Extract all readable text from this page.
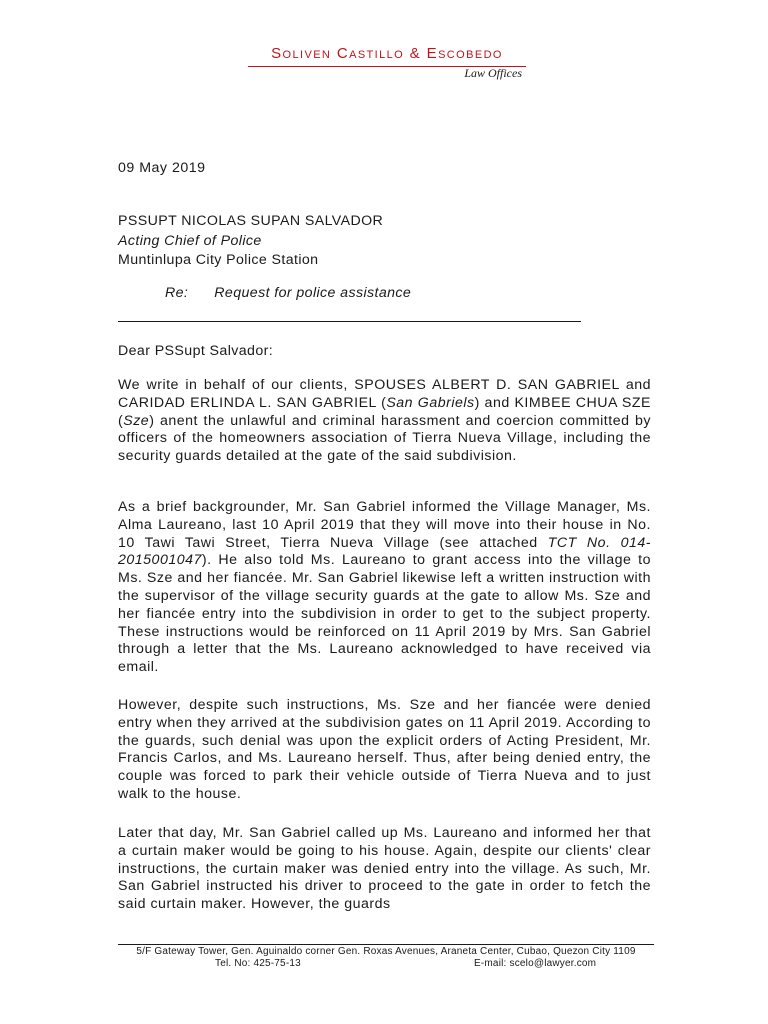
Soliven Castillo & Escobedo
Law Offices
09 May 2019
PSSUPT NICOLAS SUPAN SALVADOR
Acting Chief of Police
Muntinlupa City Police Station
Re: Request for police assistance
Dear PSSupt Salvador:
We write in behalf of our clients, SPOUSES ALBERT D. SAN GABRIEL and CARIDAD ERLINDA L. SAN GABRIEL (San Gabriels) and KIMBEE CHUA SZE (Sze) anent the unlawful and criminal harassment and coercion committed by officers of the homeowners association of Tierra Nueva Village, including the security guards detailed at the gate of the said subdivision.
As a brief backgrounder, Mr. San Gabriel informed the Village Manager, Ms. Alma Laureano, last 10 April 2019 that they will move into their house in No. 10 Tawi Tawi Street, Tierra Nueva Village (see attached TCT No. 014-2015001047). He also told Ms. Laureano to grant access into the village to Ms. Sze and her fiancée. Mr. San Gabriel likewise left a written instruction with the supervisor of the village security guards at the gate to allow Ms. Sze and her fiancée entry into the subdivision in order to get to the subject property. These instructions would be reinforced on 11 April 2019 by Mrs. San Gabriel through a letter that the Ms. Laureano acknowledged to have received via email.
However, despite such instructions, Ms. Sze and her fiancée were denied entry when they arrived at the subdivision gates on 11 April 2019. According to the guards, such denial was upon the explicit orders of Acting President, Mr. Francis Carlos, and Ms. Laureano herself. Thus, after being denied entry, the couple was forced to park their vehicle outside of Tierra Nueva and to just walk to the house.
Later that day, Mr. San Gabriel called up Ms. Laureano and informed her that a curtain maker would be going to his house. Again, despite our clients' clear instructions, the curtain maker was denied entry into the village. As such, Mr. San Gabriel instructed his driver to proceed to the gate in order to fetch the said curtain maker. However, the guards
5/F Gateway Tower, Gen. Aguinaldo corner Gen. Roxas Avenues, Araneta Center, Cubao, Quezon City 1109
Tel. No: 425-75-13	E-mail: scelo@lawyer.com
